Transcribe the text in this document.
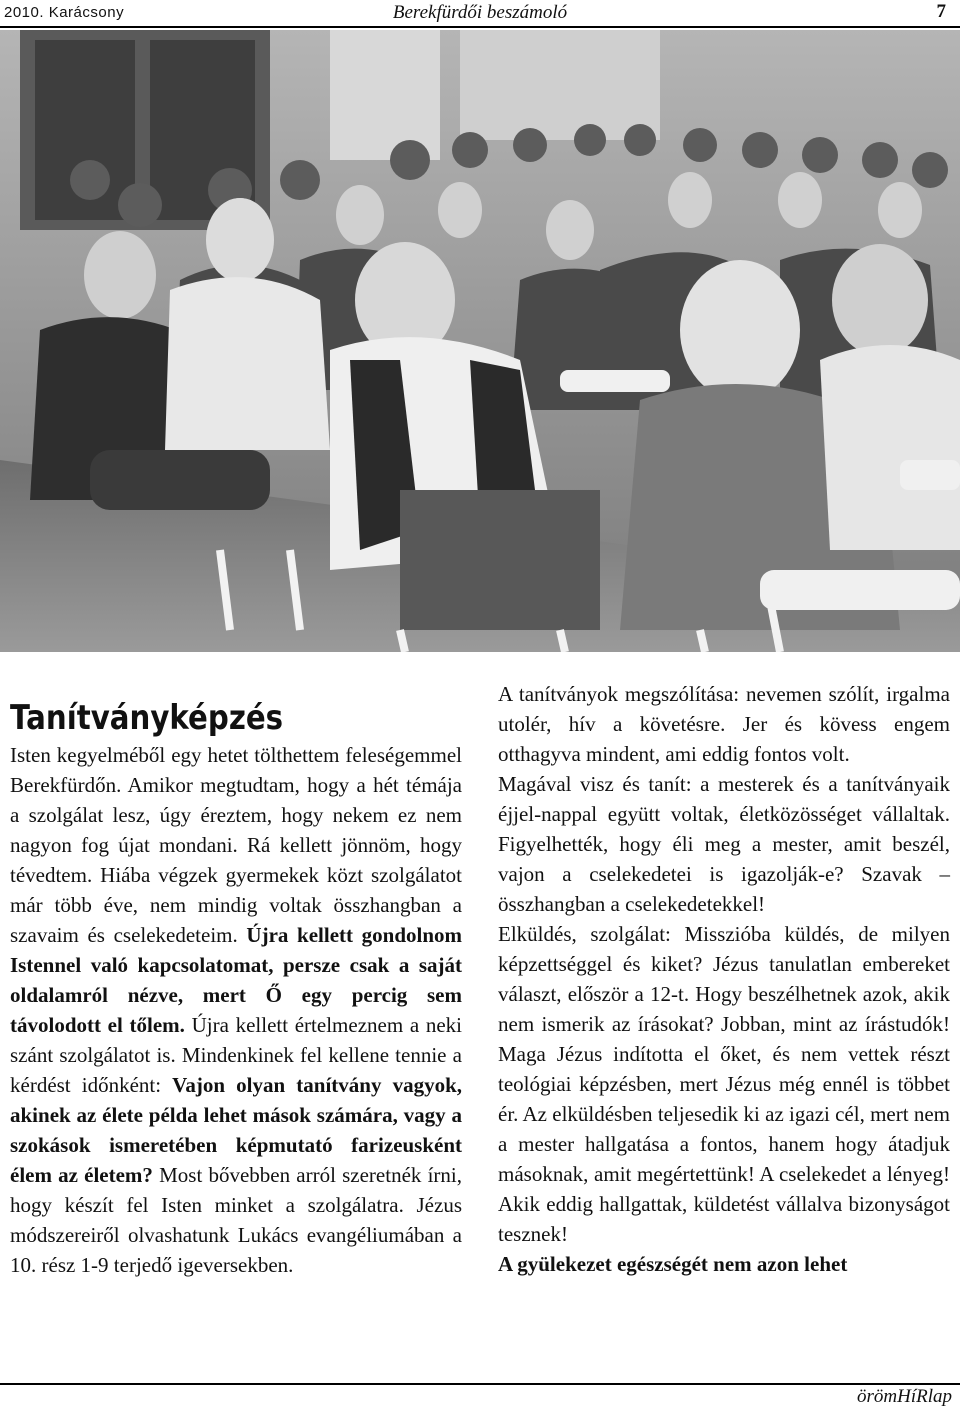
2010. Karácsony	Berekfürdői beszámoló	7
Tanítványképzés

Isten kegyelméből egy hetet tölthettem feleségemmel Berekfürdőn. Amikor megtudtam, hogy a hét témája a szolgálat lesz, úgy éreztem, hogy nekem ez nem nagyon fog újat mondani. Rá kellett jönnöm, hogy tévedtem. Hiába végzek gyermekek közt szolgálatot már több éve, nem mindig voltak összhangban a szavaim és cselekedeteim. Újra kellett gondolnom Istennel való kapcsolatomat, persze csak a saját oldalamról nézve, mert Ő egy percig sem távolodott el tőlem. Újra kellett értelmeznem a neki szánt szolgálatot is. Mindenkinek fel kellene tennie a kérdést időnként: Vajon olyan tanítvány vagyok, akinek az élete példa lehet mások számára, vagy a szokások ismeretében képmutató farizeusként élem az életem? Most bővebben arról szeretnék írni, hogy készít fel Isten minket a szolgálatra. Jézus módszereiről olvashatunk Lukács evangéliumában a 10. rész 1-9 terjedő igeversekben.

A tanítványok megszólítása: nevemen szólít, irgalma utolér, hív a követésre. Jer és kövess engem otthagyva mindent, ami eddig fontos volt.

Magával visz és tanít: a mesterek és a tanítványaik éjjel-nappal együtt voltak, életközösséget vállaltak. Figyelhették, hogy éli meg a mester, amit beszél, vajon a cselekedetei is igazolják-e? Szavak – összhangban a cselekedetekkel!

Elküldés, szolgálat: Misszióba küldés, de milyen képzettséggel és kiket? Jézus tanulatlan embereket választ, először a 12-t. Hogy beszélhetnek azok, akik nem ismerik az írásokat? Jobban, mint az írástudók! Maga Jézus indította el őket, és nem vettek részt teológiai képzésben, mert Jézus még ennél is többet ér. Az elküldésben teljesedik ki az igazi cél, mert nem a mester hallgatása a fontos, hanem hogy átadjuk másoknak, amit megértettünk! A cselekedet a lényeg! Akik eddig hallgattak, küldetést vállalva bizonyságot tesznek!

A gyülekezet egészségét nem azon lehet

örömHíRlap
